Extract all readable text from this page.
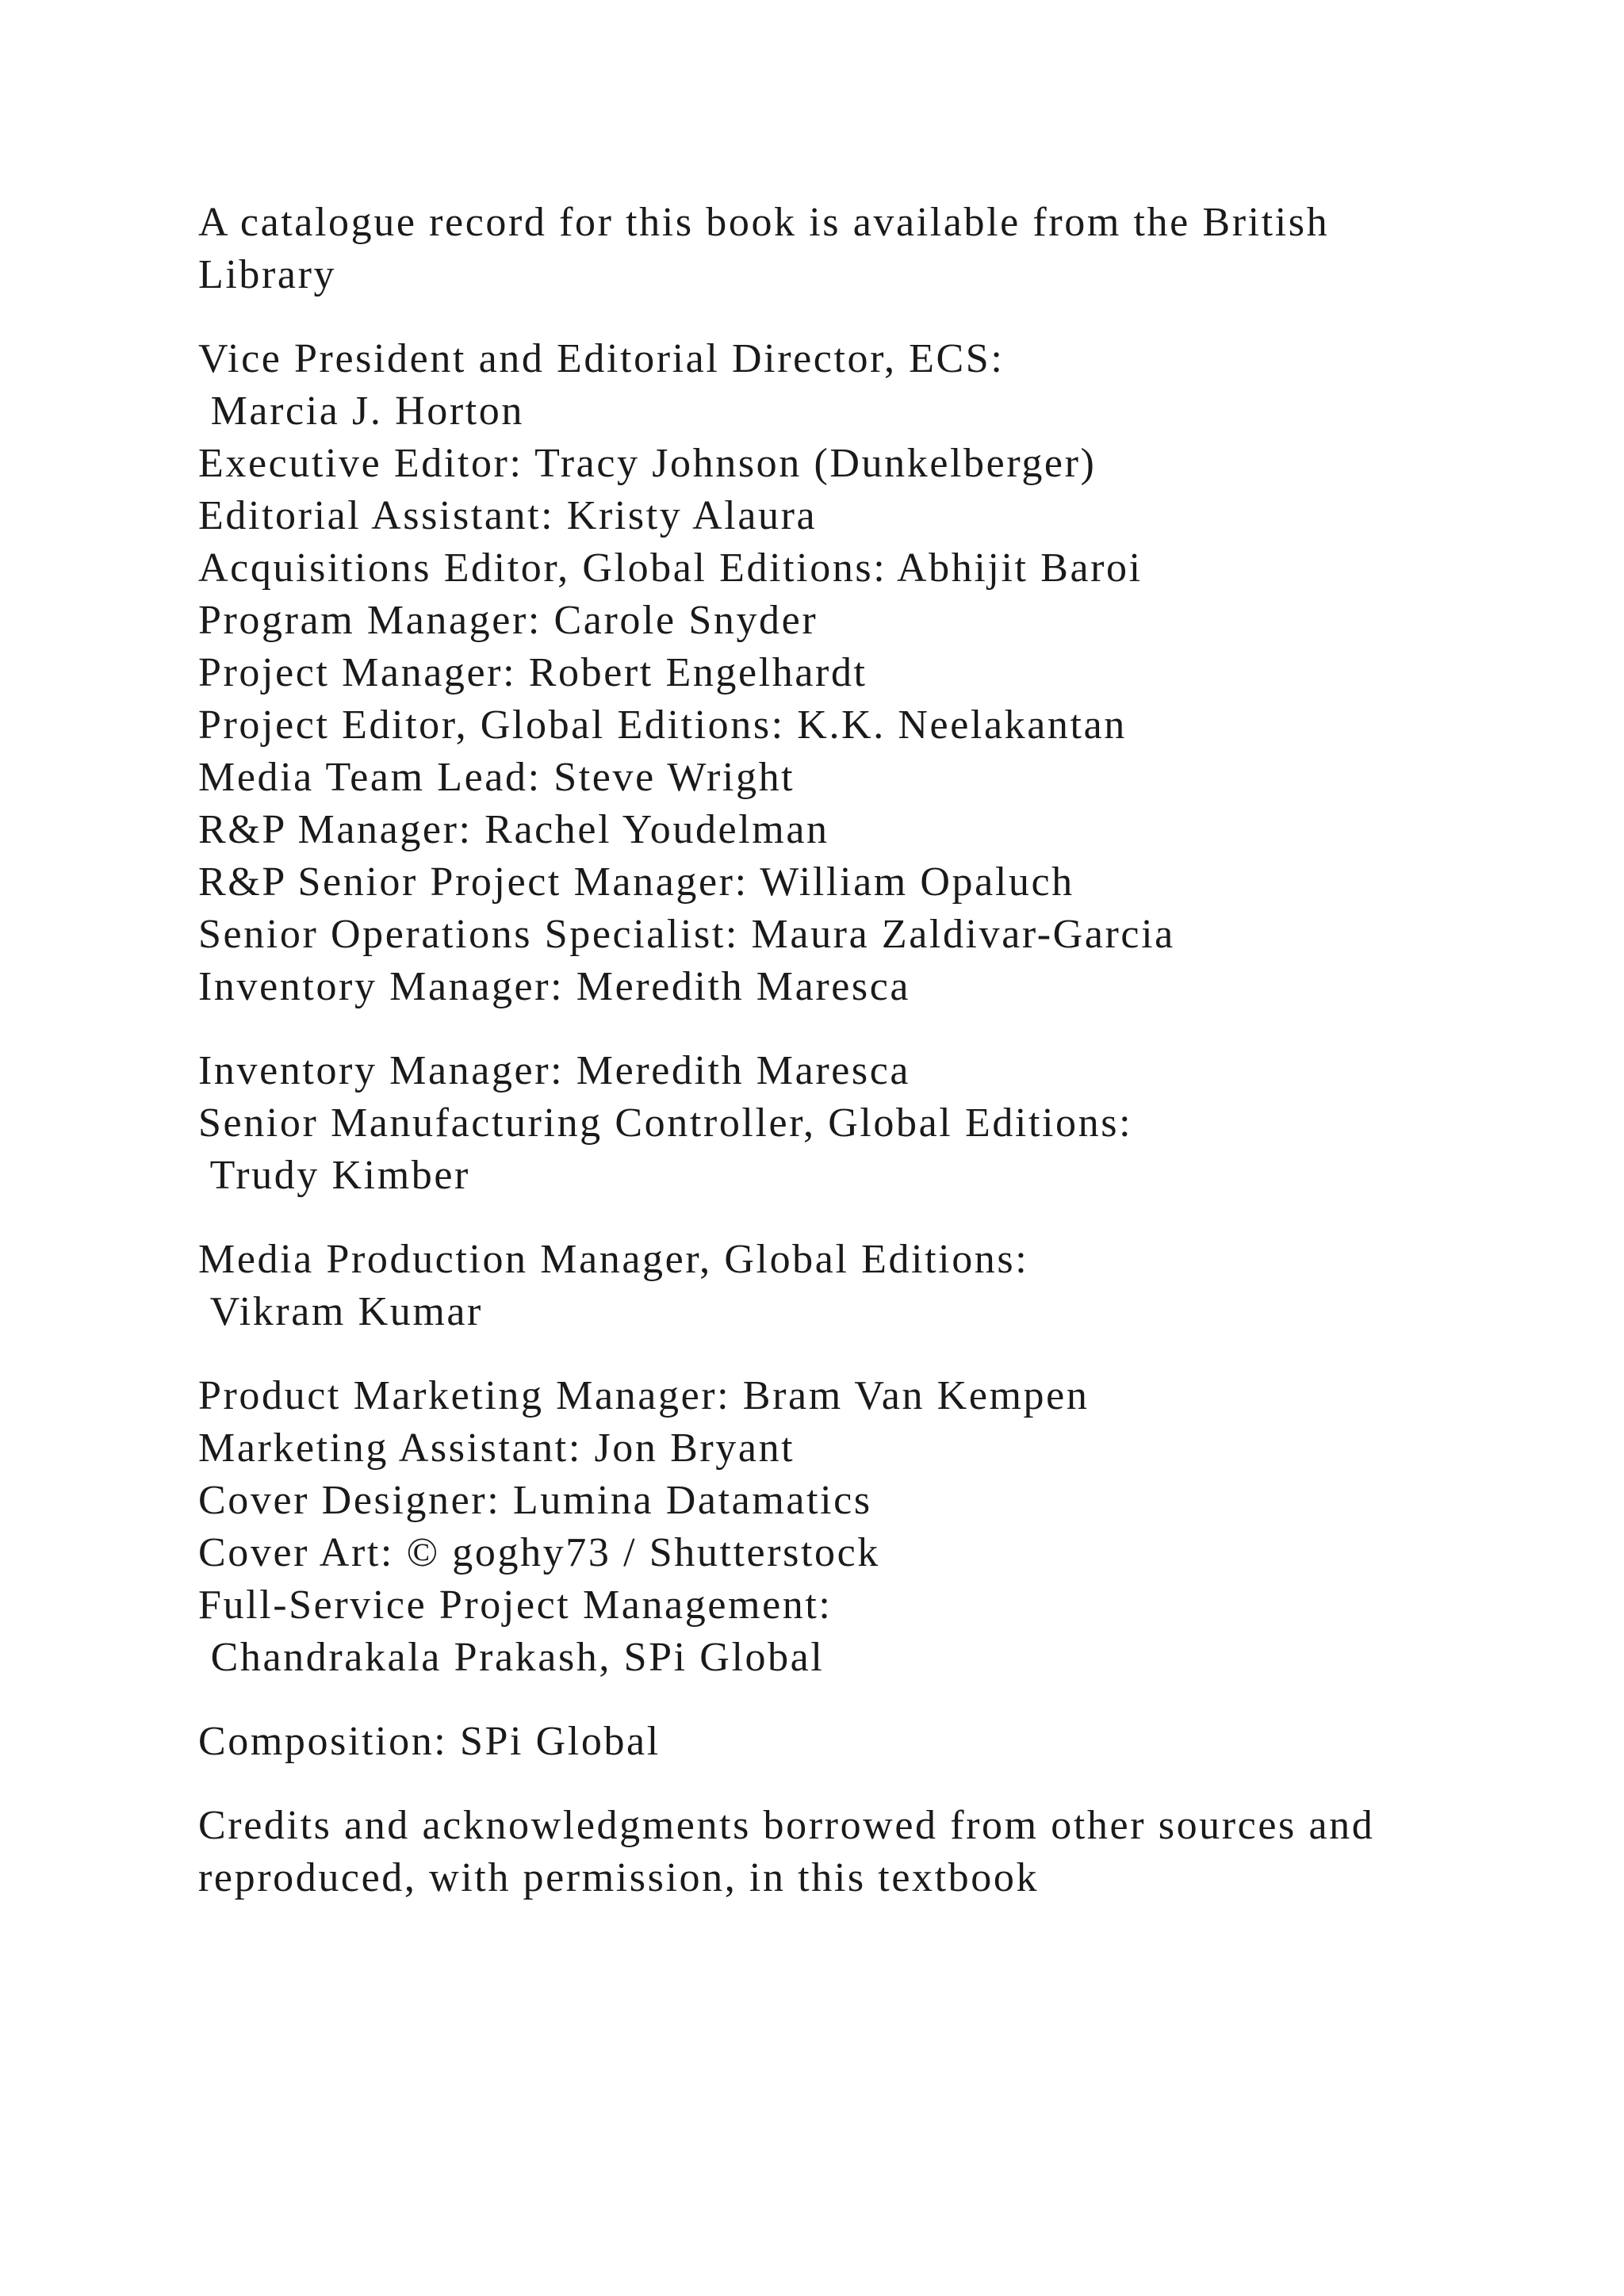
A catalogue record for this book is available from the British
Library
Vice President and Editorial Director, ECS:
Marcia J. Horton
Executive Editor: Tracy Johnson (Dunkelberger)
Editorial Assistant: Kristy Alaura
Acquisitions Editor, Global Editions: Abhijit Baroi
Program Manager: Carole Snyder
Project Manager: Robert Engelhardt
Project Editor, Global Editions: K.K. Neelakantan
Media Team Lead: Steve Wright
R&P Manager: Rachel Youdelman
R&P Senior Project Manager: William Opaluch
Senior Operations Specialist: Maura Zaldivar-Garcia
Inventory Manager: Meredith Maresca
Inventory Manager: Meredith Maresca
Senior Manufacturing Controller, Global Editions:
Trudy Kimber
Media Production Manager, Global Editions:
Vikram Kumar
Product Marketing Manager: Bram Van Kempen
Marketing Assistant: Jon Bryant
Cover Designer: Lumina Datamatics
Cover Art: © goghy73 / Shutterstock
Full-Service Project Management:
Chandrakala Prakash, SPi Global
Composition: SPi Global
Credits and acknowledgments borrowed from other sources and
reproduced, with permission, in this textbook
